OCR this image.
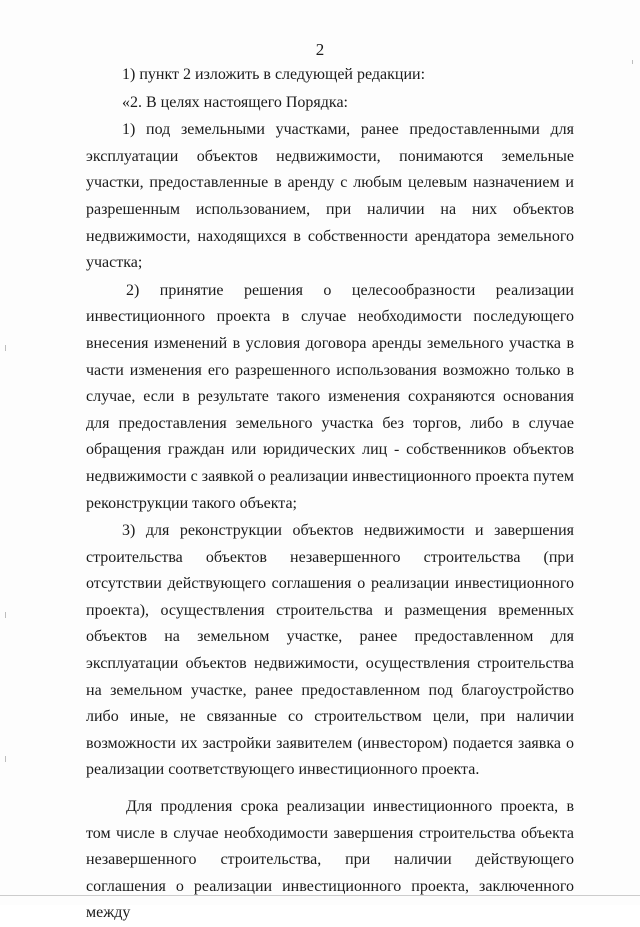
2

1) пункт 2 изложить в следующей редакции:

«2. В целях настоящего Порядка:

1) под земельными участками, ранее предоставленными для эксплуатации объектов недвижимости, понимаются земельные участки, предоставленные в аренду с любым целевым назначением и разрешенным использованием, при наличии на них объектов недвижимости, находящихся в собственности арендатора земельного участка;

2) принятие решения о целесообразности реализации инвестиционного проекта в случае необходимости последующего внесения изменений в условия договора аренды земельного участка в части изменения его разрешенного использования возможно только в случае, если в результате такого изменения сохраняются основания для предоставления земельного участка без торгов, либо в случае обращения граждан или юридических лиц - собственников объектов недвижимости с заявкой о реализации инвестиционного проекта путем реконструкции такого объекта;

3) для реконструкции объектов недвижимости и завершения строительства объектов незавершенного строительства (при отсутствии действующего соглашения о реализации инвестиционного проекта), осуществления строительства и размещения временных объектов на земельном участке, ранее предоставленном для эксплуатации объектов недвижимости, осуществления строительства на земельном участке, ранее предоставленном под благоустройство либо иные, не связанные со строительством цели, при наличии возможности их застройки заявителем (инвестором) подается заявка о реализации соответствующего инвестиционного проекта.

Для продления срока реализации инвестиционного проекта, в том числе в случае необходимости завершения строительства объекта незавершенного строительства, при наличии действующего соглашения о реализации инвестиционного проекта, заключенного между
